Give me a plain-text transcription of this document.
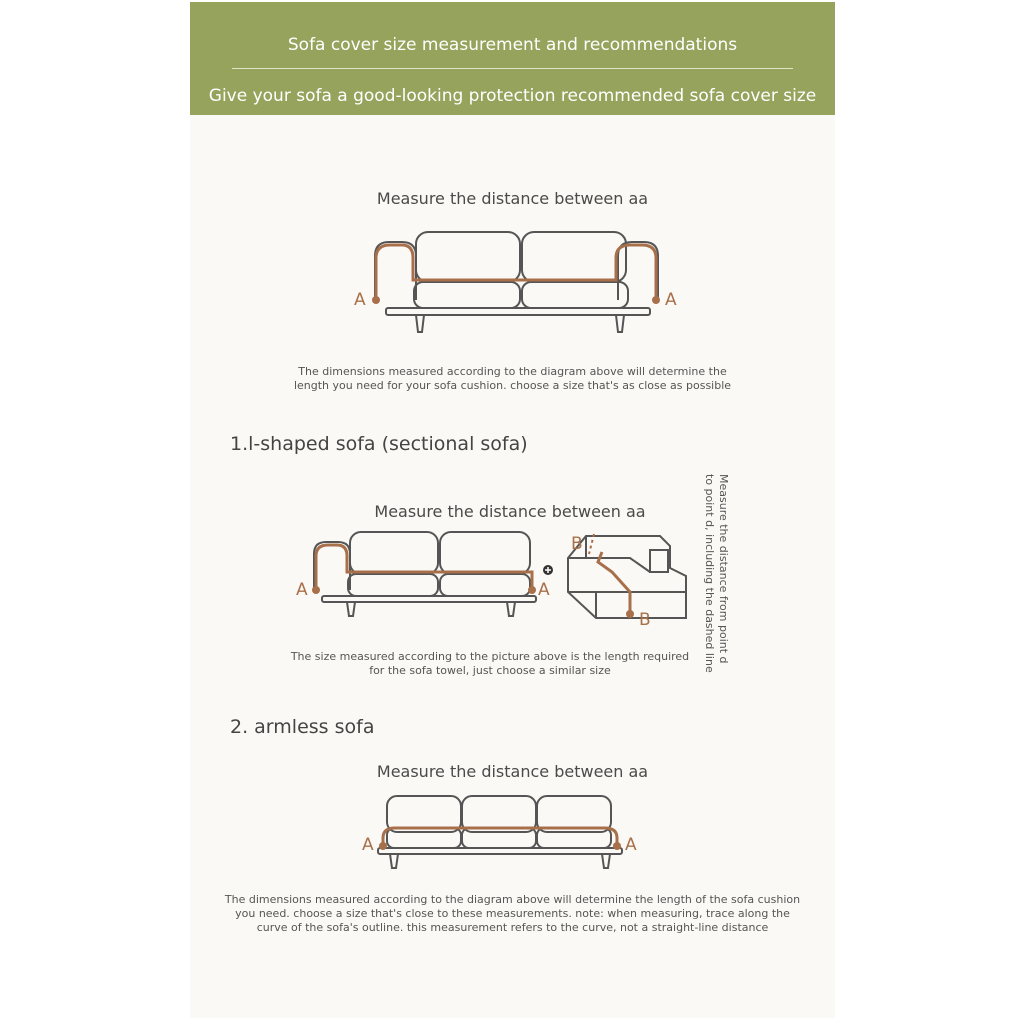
Sofa cover size measurement and recommendations
Give your sofa a good-looking protection recommended sofa cover size
Measure the distance between aa
A	A
The dimensions measured according to the diagram above will determine the
length you need for your sofa cushion. choose a size that's as close as possible
1.l-shaped sofa (sectional sofa)
Measure the distance between aa
A	A
B
B	Measure the distance from point d
to point d, including the dashed line
The size measured according to the picture above is the length required
for the sofa towel, just choose a similar size
2. armless sofa
Measure the distance between aa
A	A
The dimensions measured according to the diagram above will determine the length of the sofa cushion
you need. choose a size that's close to these measurements. note: when measuring, trace along the
curve of the sofa's outline. this measurement refers to the curve, not a straight-line distance
